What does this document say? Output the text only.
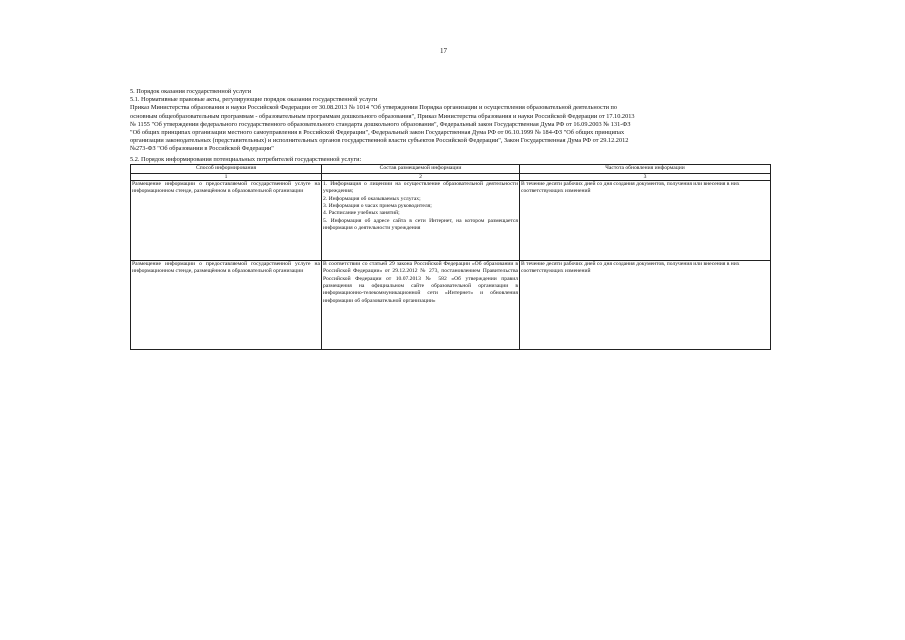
17
5. Порядок оказания государственной услуги
5.1. Нормативные правовые акты, регулирующие порядок оказания государственной услуги
Приказ Министерства образования и науки Российской Федерации от 30.08.2013 № 1014 "Об утверждении Порядка организации и осуществления образовательной деятельности по
основным общеобразовательным программам - образовательным программам дошкольного образования", Приказ Министерства образования и науки Российской Федерации от 17.10.2013
№ 1155 "Об утверждении федерального государственного образовательного стандарта дошкольного образования", Федеральный закон Государственная Дума РФ от 16.09.2003 № 131-ФЗ
"Об общих принципах организации местного самоуправления в Российской Федерации", Федеральный закон Государственная Дума РФ от 06.10.1999 № 184-ФЗ "Об общих принципах
организации законодательных (представительных) и исполнительных органов государственной власти субъектов Российской Федерации", Закон Государственная Дума РФ от 29.12.2012
№273-ФЗ "Об образовании в Российской Федерации"
5.2. Порядок информирования потенциальных потребителей государственной услуги:
Способ информирования	Состав размещаемой информации	Частота обновления информации
1	2	3
Размещение информации о предоставляемой государственной услуге на информационном стенде, размещённом в образовательной организации	1. Информация о лицензии на осуществление образовательной деятельности учреждения;
2. Информация об оказываемых услугах;
3. Информация о часах приема руководителя;
4. Расписание учебных занятий;
5. Информация об адресе сайта в сети Интернет, на котором размещается информация о деятельности учреждения	В течение десяти рабочих дней со дня создания документов, получения или внесения в них соответствующих изменений
Размещение информации о предоставляемой государственной услуге на информационном стенде, размещённом в образовательной организации	В соответствии со статьей 29 закона Российской Федерации «Об образовании в Российской Федерации» от 29.12.2012 № 273, постановлением Правительства Российской Федерации от 10.07.2013 № 582 «Об утверждении правил размещения на официальном сайте образовательной организации в информационно-телекоммуникационной сети «Интернет» и обновления информации об образовательной организации»	В течение десяти рабочих дней со дня создания документов, получения или внесения в них соответствующих изменений
